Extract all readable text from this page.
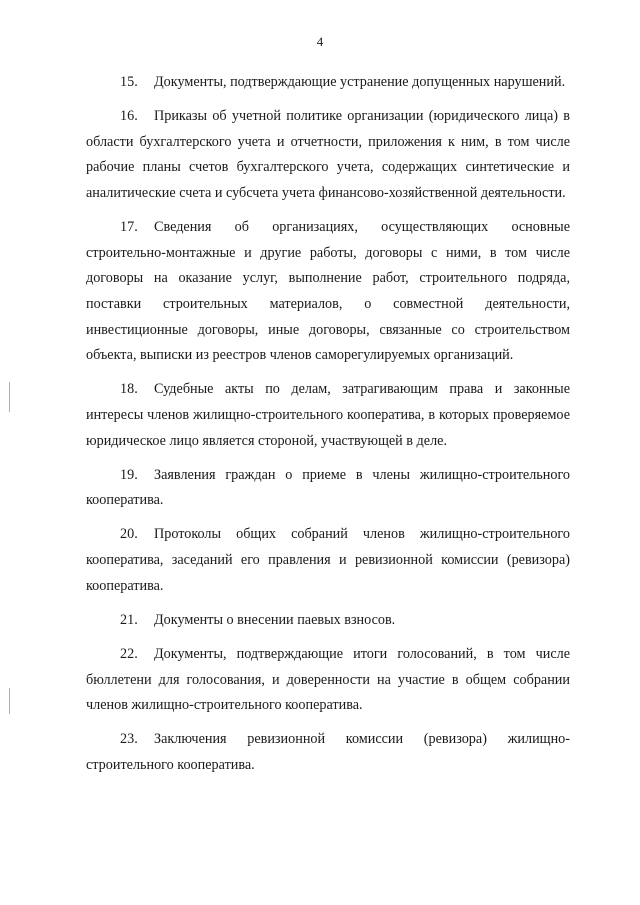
4

15. Документы, подтверждающие устранение допущенных нарушений.

16. Приказы об учетной политике организации (юридического лица) в области бухгалтерского учета и отчетности, приложения к ним, в том числе рабочие планы счетов бухгалтерского учета, содержащих синтетические и аналитические счета и субсчета учета финансово-хозяйственной деятельности.

17. Сведения об организациях, осуществляющих основные строительно-монтажные и другие работы, договоры с ними, в том числе договоры на оказание услуг, выполнение работ, строительного подряда, поставки строительных материалов, о совместной деятельности, инвестиционные договоры, иные договоры, связанные со строительством объекта, выписки из реестров членов саморегулируемых организаций.

18. Судебные акты по делам, затрагивающим права и законные интересы членов жилищно-строительного кооператива, в которых проверяемое юридическое лицо является стороной, участвующей в деле.

19. Заявления граждан о приеме в члены жилищно-строительного кооператива.

20. Протоколы общих собраний членов жилищно-строительного кооператива, заседаний его правления и ревизионной комиссии (ревизора) кооператива.

21. Документы о внесении паевых взносов.

22. Документы, подтверждающие итоги голосований, в том числе бюллетени для голосования, и доверенности на участие в общем собрании членов жилищно-строительного кооператива.

23. Заключения ревизионной комиссии (ревизора) жилищно-строительного кооператива.
